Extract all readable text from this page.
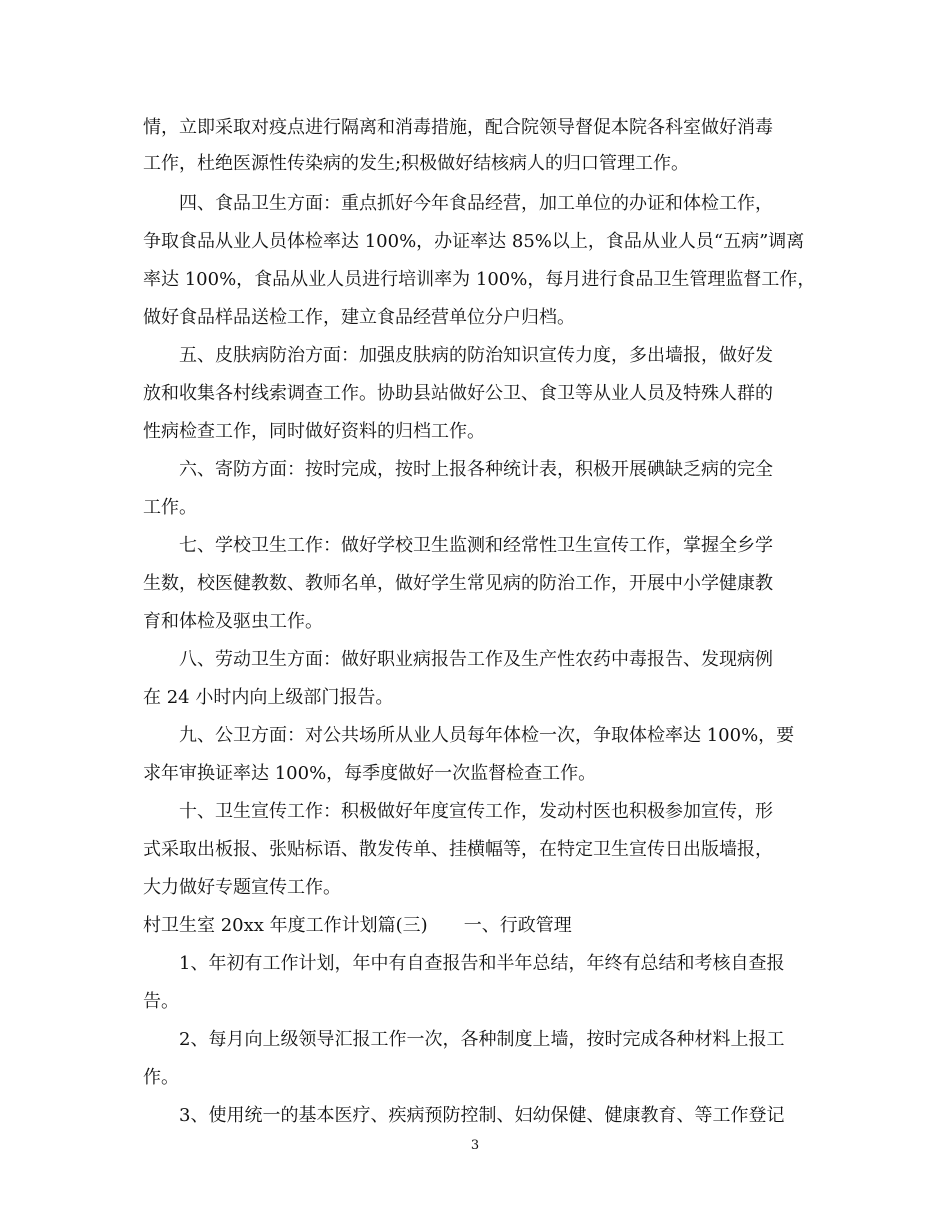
情，立即采取对疫点进行隔离和消毒措施，配合院领导督促本院各科室做好消毒
工作，杜绝医源性传染病的发生;积极做好结核病人的归口管理工作。
四、食品卫生方面：重点抓好今年食品经营，加工单位的办证和体检工作，
争取食品从业人员体检率达 100%，办证率达 85%以上，食品从业人员“五病”调离
率达 100%，食品从业人员进行培训率为 100%，每月进行食品卫生管理监督工作，
做好食品样品送检工作，建立食品经营单位分户归档。
五、皮肤病防治方面：加强皮肤病的防治知识宣传力度，多出墙报，做好发
放和收集各村线索调查工作。协助县站做好公卫、食卫等从业人员及特殊人群的
性病检查工作，同时做好资料的归档工作。
六、寄防方面：按时完成，按时上报各种统计表，积极开展碘缺乏病的完全
工作。
七、学校卫生工作：做好学校卫生监测和经常性卫生宣传工作，掌握全乡学
生数，校医健教数、教师名单，做好学生常见病的防治工作，开展中小学健康教
育和体检及驱虫工作。
八、劳动卫生方面：做好职业病报告工作及生产性农药中毒报告、发现病例
在 24 小时内向上级部门报告。
九、公卫方面：对公共场所从业人员每年体检一次，争取体检率达 100%，要
求年审换证率达 100%，每季度做好一次监督检查工作。
十、卫生宣传工作：积极做好年度宣传工作，发动村医也积极参加宣传，形
式采取出板报、张贴标语、散发传单、挂横幅等，在特定卫生宣传日出版墙报，
大力做好专题宣传工作。
村卫生室 20xx 年度工作计划篇(三)　　一、行政管理
1、年初有工作计划，年中有自查报告和半年总结，年终有总结和考核自查报
告。
2、每月向上级领导汇报工作一次，各种制度上墙，按时完成各种材料上报工
作。
3、使用统一的基本医疗、疾病预防控制、妇幼保健、健康教育、等工作登记
3
